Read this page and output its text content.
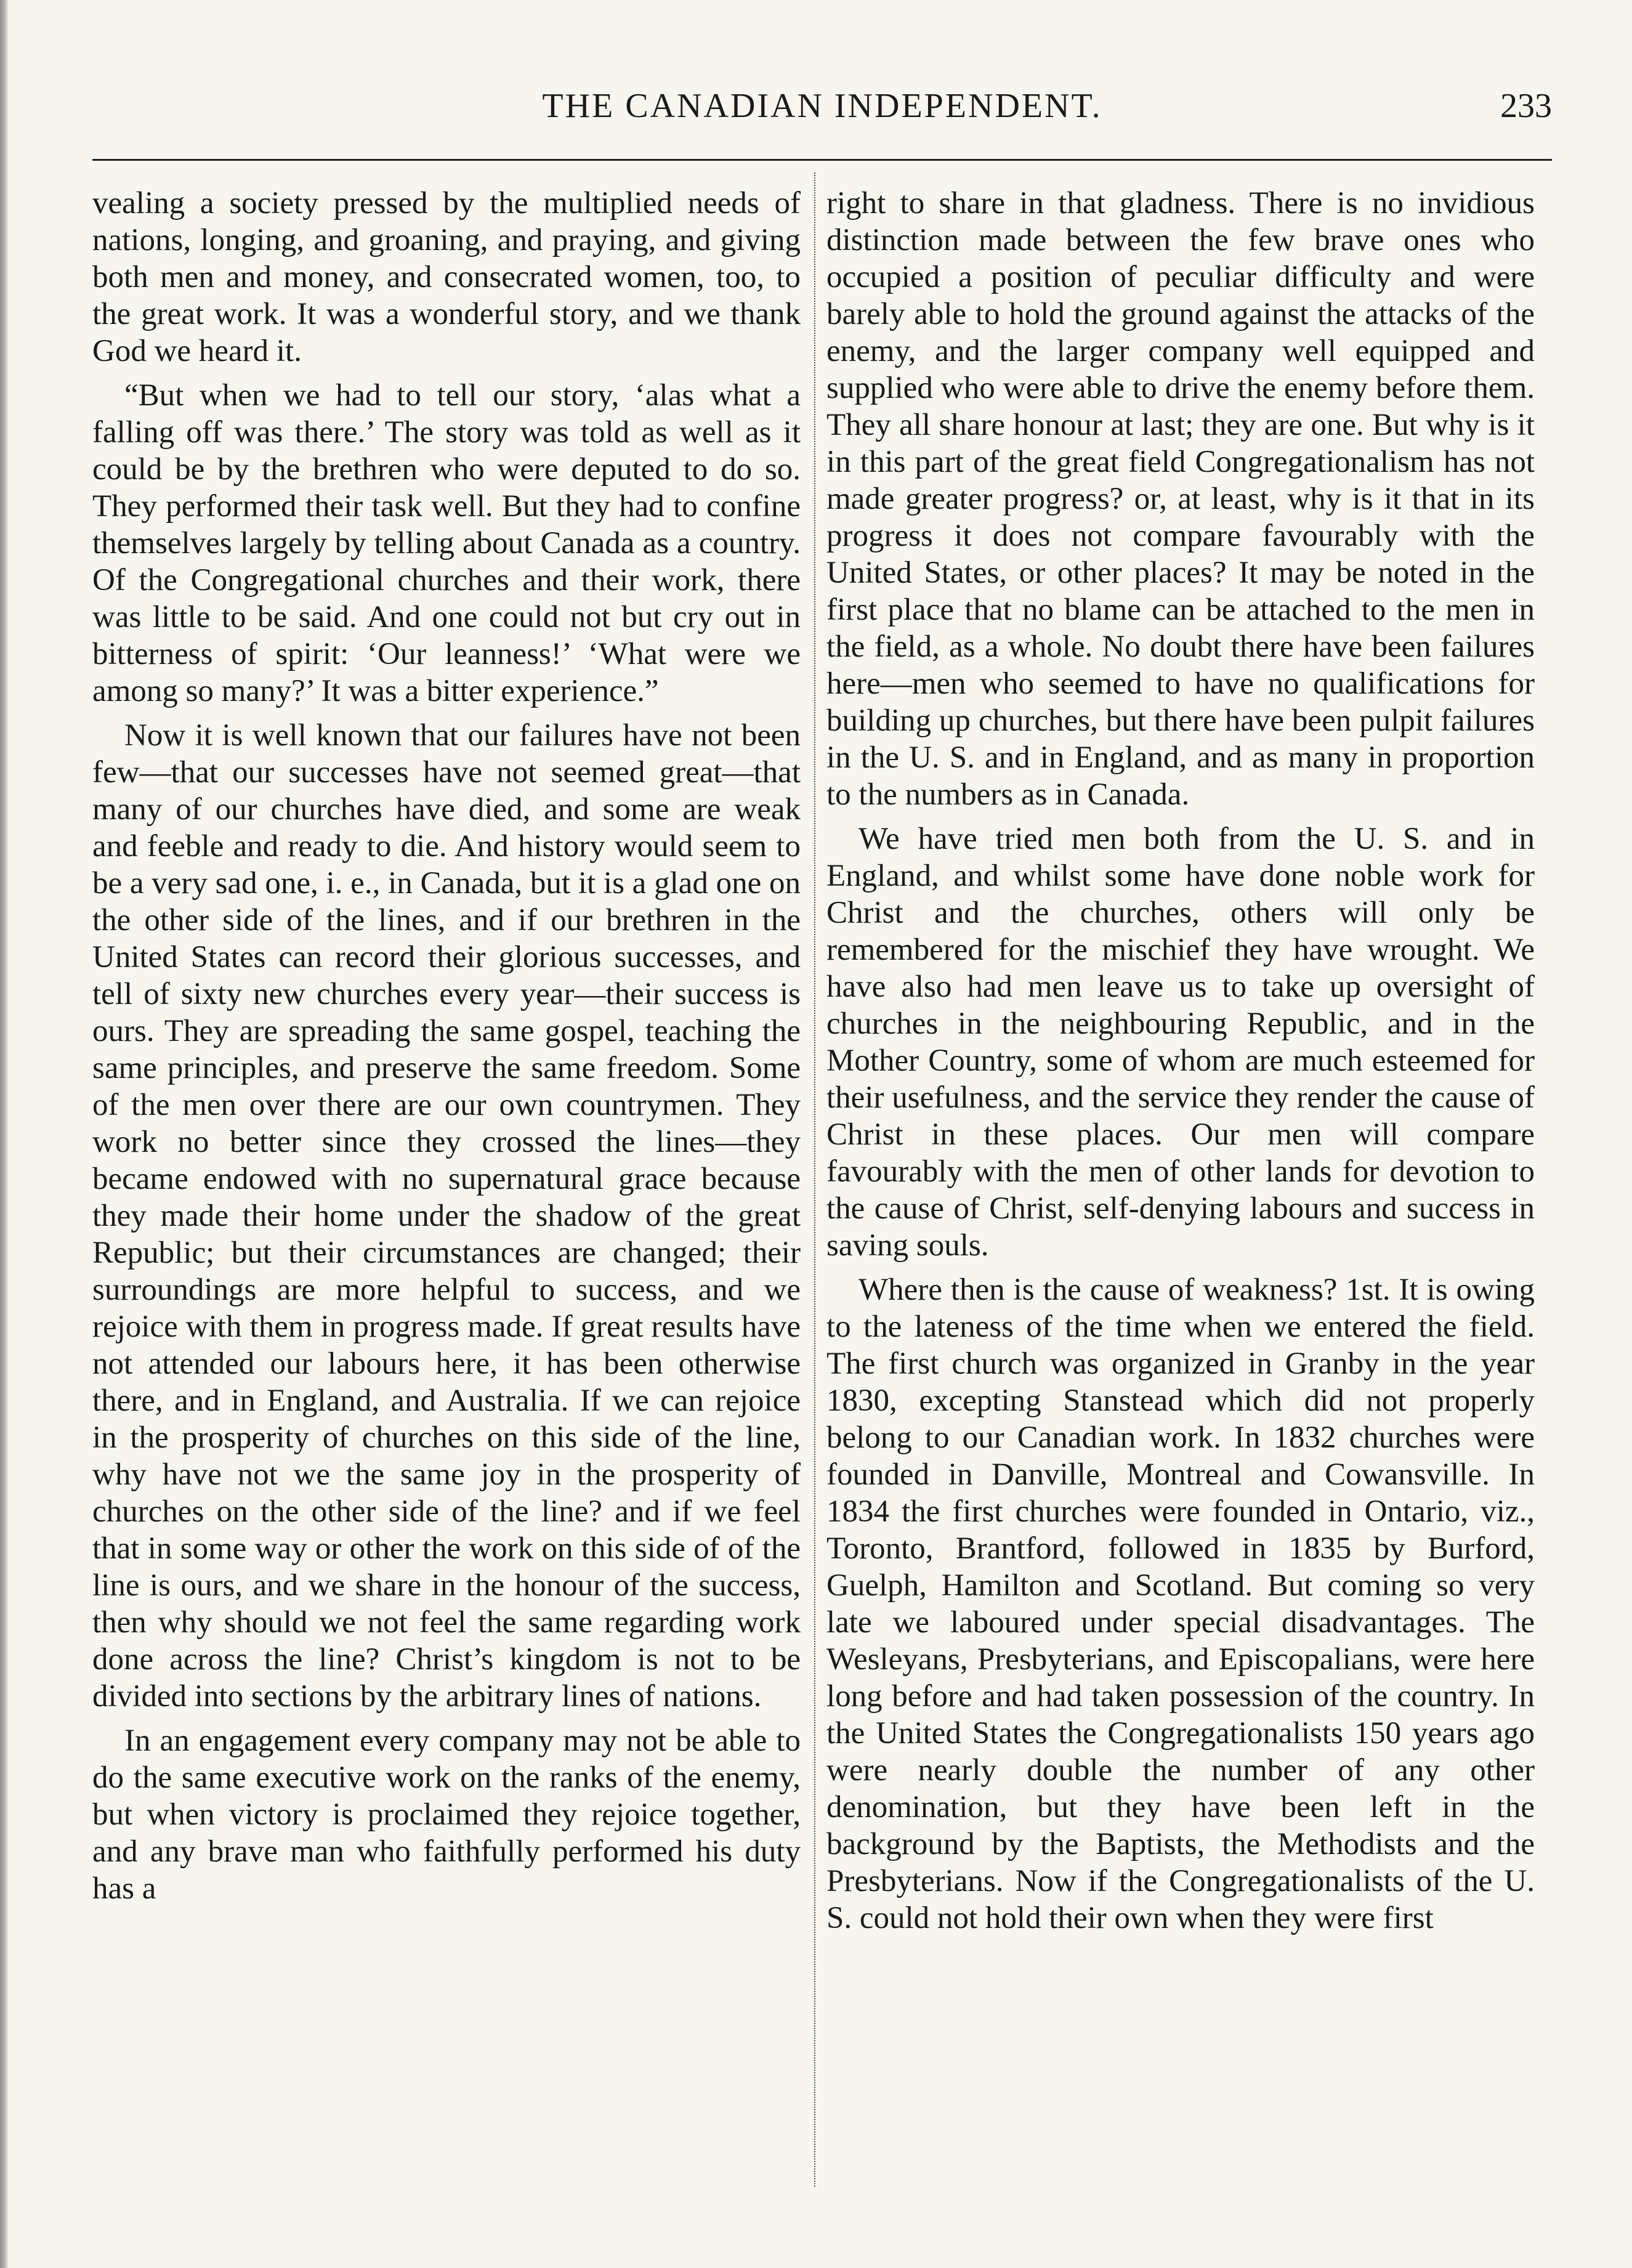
THE CANADIAN INDEPENDENT.	233

vealing a society pressed by the multiplied needs of nations, longing, and groaning, and praying, and giving both men and money, and consecrated women, too, to the great work. It was a wonderful story, and we thank God we heard it.

“But when we had to tell our story, ‘alas what a falling off was there.’ The story was told as well as it could be by the brethren who were deputed to do so. They performed their task well. But they had to confine themselves largely by telling about Canada as a country. Of the Congregational churches and their work, there was little to be said. And one could not but cry out in bitterness of spirit: ‘Our leanness!’ ‘What were we among so many?’ It was a bitter experience.”

Now it is well known that our failures have not been few—that our successes have not seemed great—that many of our churches have died, and some are weak and feeble and ready to die. And history would seem to be a very sad one, i. e., in Canada, but it is a glad one on the other side of the lines, and if our brethren in the United States can record their glorious successes, and tell of sixty new churches every year—their success is ours. They are spreading the same gospel, teaching the same principles, and preserve the same freedom. Some of the men over there are our own countrymen. They work no better since they crossed the lines—they became endowed with no supernatural grace because they made their home under the shadow of the great Republic; but their circumstances are changed; their surroundings are more helpful to success, and we rejoice with them in progress made. If great results have not attended our labours here, it has been otherwise there, and in England, and Australia. If we can rejoice in the prosperity of churches on this side of the line, why have not we the same joy in the prosperity of churches on the other side of the line? and if we feel that in some way or other the work on this side of of the line is ours, and we share in the honour of the success, then why should we not feel the same regarding work done across the line? Christ’s kingdom is not to be divided into sections by the arbitrary lines of nations.

In an engagement every company may not be able to do the same executive work on the ranks of the enemy, but when victory is proclaimed they rejoice together, and any brave man who faithfully performed his duty has a

right to share in that gladness. There is no invidious distinction made between the few brave ones who occupied a position of peculiar difficulty and were barely able to hold the ground against the attacks of the enemy, and the larger company well equipped and supplied who were able to drive the enemy before them. They all share honour at last; they are one. But why is it in this part of the great field Congregationalism has not made greater progress? or, at least, why is it that in its progress it does not compare favourably with the United States, or other places? It may be noted in the first place that no blame can be attached to the men in the field, as a whole. No doubt there have been failures here—men who seemed to have no qualifications for building up churches, but there have been pulpit failures in the U. S. and in England, and as many in proportion to the numbers as in Canada.

We have tried men both from the U. S. and in England, and whilst some have done noble work for Christ and the churches, others will only be remembered for the mischief they have wrought. We have also had men leave us to take up oversight of churches in the neighbouring Republic, and in the Mother Country, some of whom are much esteemed for their usefulness, and the service they render the cause of Christ in these places. Our men will compare favourably with the men of other lands for devotion to the cause of Christ, self-denying labours and success in saving souls.

Where then is the cause of weakness? 1st. It is owing to the lateness of the time when we entered the field. The first church was organized in Granby in the year 1830, excepting Stanstead which did not properly belong to our Canadian work. In 1832 churches were founded in Danville, Montreal and Cowansville. In 1834 the first churches were founded in Ontario, viz., Toronto, Brantford, followed in 1835 by Burford, Guelph, Hamilton and Scotland. But coming so very late we laboured under special disadvantages. The Wesleyans, Presbyterians, and Episcopalians, were here long before and had taken possession of the country. In the United States the Congregationalists 150 years ago were nearly double the number of any other denomination, but they have been left in the background by the Baptists, the Methodists and the Presbyterians. Now if the Congregationalists of the U. S. could not hold their own when they were first
